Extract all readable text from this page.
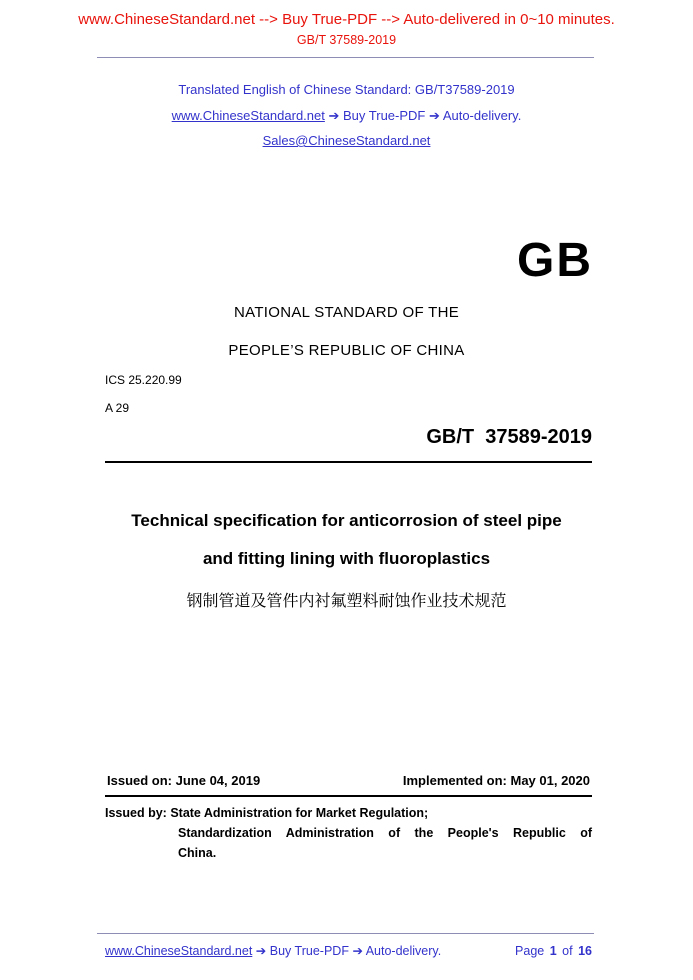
www.ChineseStandard.net --> Buy True-PDF --> Auto-delivered in 0~10 minutes.
GB/T 37589-2019
Translated English of Chinese Standard: GB/T37589-2019
www.ChineseStandard.net ➔ Buy True-PDF ➔ Auto-delivery.
Sales@ChineseStandard.net
GB
NATIONAL STANDARD OF THE
PEOPLE’S REPUBLIC OF CHINA
ICS 25.220.99
A 29
GB/T  37589-2019
Technical specification for anticorrosion of steel pipe
and fitting lining with fluoroplastics
钢制管道及管件内衬氟塑料耐蚀作业技术规范
Issued on: June 04, 2019	Implemented on: May 01, 2020
Issued by: State Administration for Market Regulation;
Standardization Administration of the People's Republic of
China.
www.ChineseStandard.net ➔ Buy True-PDF ➔ Auto-delivery.	Page 1 of 16
